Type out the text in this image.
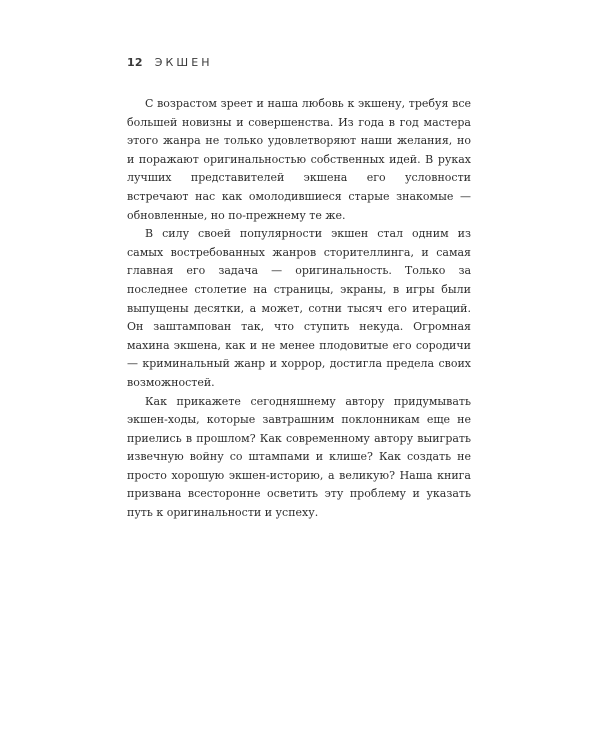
12 ЭКШЕН

С возрастом зреет и наша любовь к экшену, требуя все большей новизны и совершенства. Из года в год мастера этого жанра не только удовлетворяют наши желания, но и поражают оригинальностью собственных идей. В руках лучших представителей экшена его условности встречают нас как омолодившиеся старые знакомые — обновленные, но по-прежнему те же.

В силу своей популярности экшен стал одним из самых востребованных жанров сторителлинга, и самая главная его задача — оригинальность. Только за последнее столетие на страницы, экраны, в игры были выпущены десятки, а может, сотни тысяч его итераций. Он заштампован так, что ступить некуда. Огромная махина экшена, как и не менее плодовитые его сородичи — криминальный жанр и хоррор, достигла предела своих возможностей.

Как прикажете сегодняшнему автору придумывать экшен-ходы, которые завтрашним поклонникам еще не приелись в прошлом? Как современному автору выиграть извечную войну со штампами и клише? Как создать не просто хорошую экшен-историю, а великую? Наша книга призвана всесторонне осветить эту проблему и указать путь к оригинальности и успеху.
